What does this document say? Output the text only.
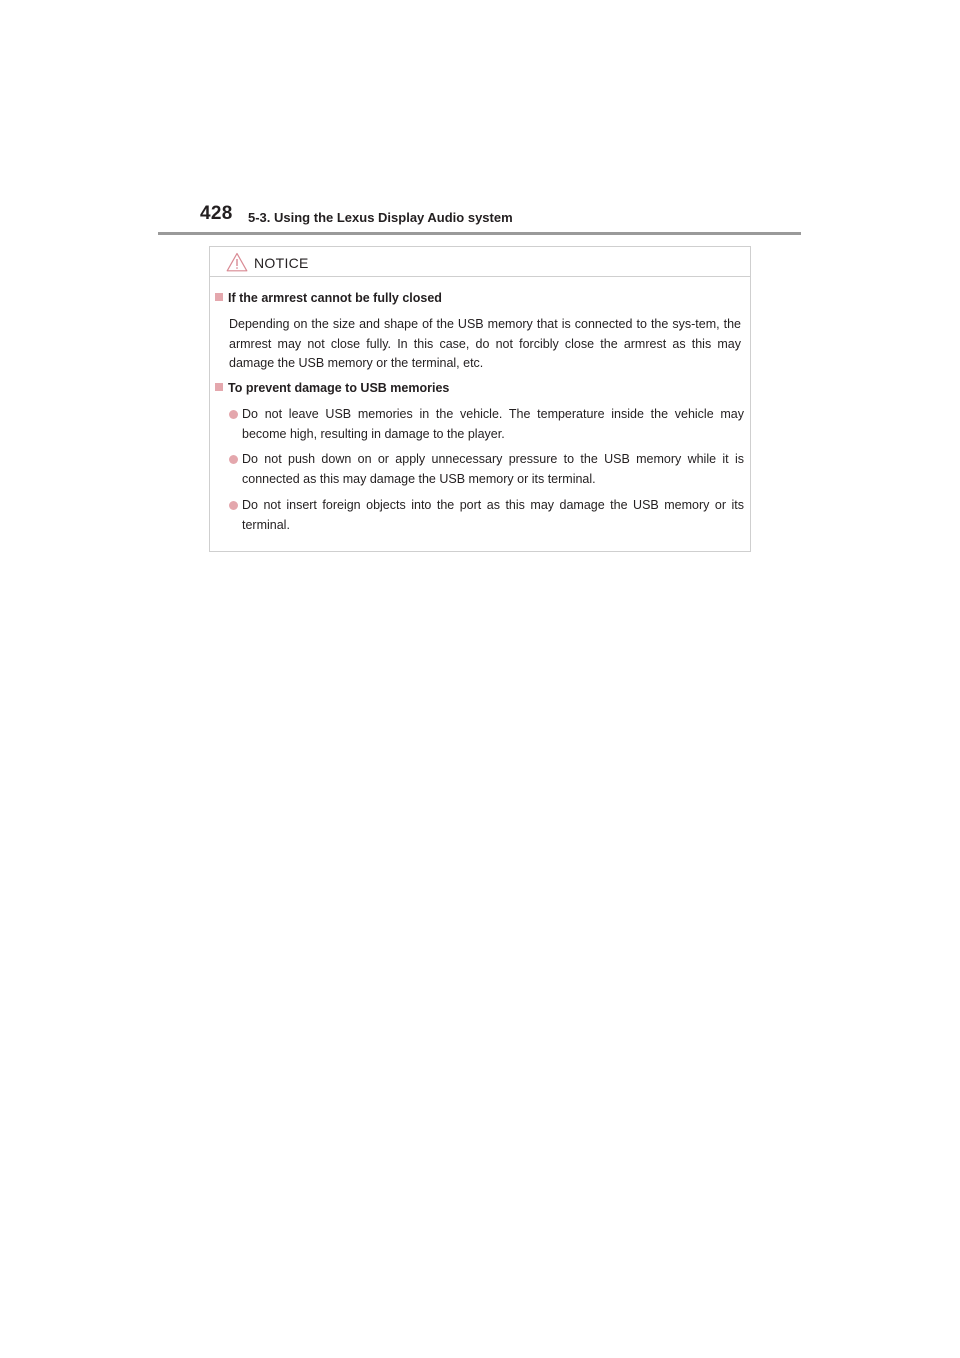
428 5-3. Using the Lexus Display Audio system
NOTICE
If the armrest cannot be fully closed
Depending on the size and shape of the USB memory that is connected to the sys-tem, the armrest may not close fully. In this case, do not forcibly close the armrest as this may damage the USB memory or the terminal, etc.
To prevent damage to USB memories
Do not leave USB memories in the vehicle. The temperature inside the vehicle may become high, resulting in damage to the player.
Do not push down on or apply unnecessary pressure to the USB memory while it is connected as this may damage the USB memory or its terminal.
Do not insert foreign objects into the port as this may damage the USB memory or its terminal.
